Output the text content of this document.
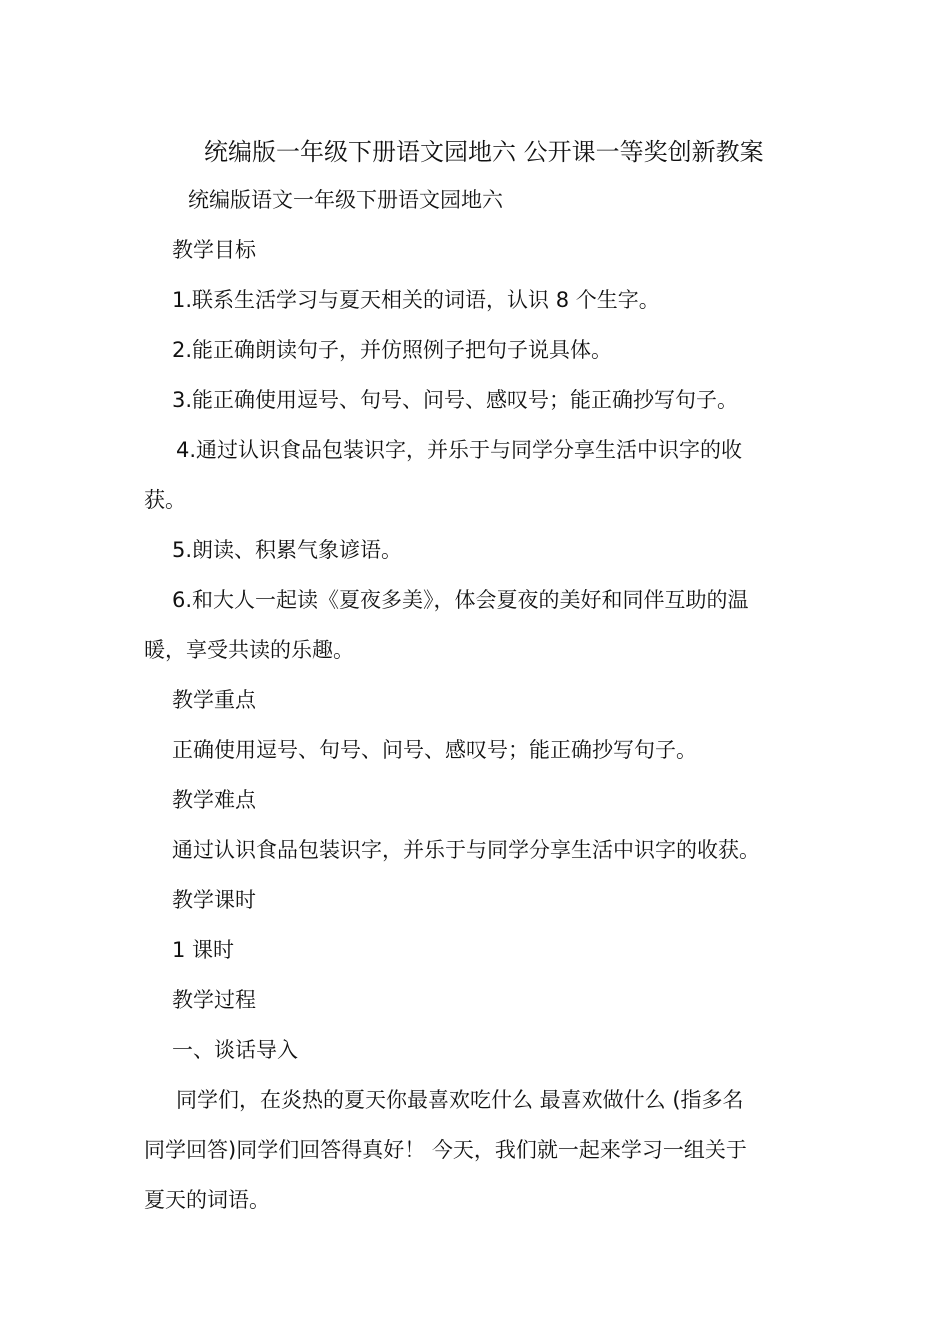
统编版一年级下册语文园地六 公开课一等奖创新教案
统编版语文一年级下册语文园地六
教学目标
1.联系生活学习与夏天相关的词语，认识 8 个生字。
2.能正确朗读句子，并仿照例子把句子说具体。
3.能正确使用逗号、句号、问号、感叹号；能正确抄写句子。
4.通过认识食品包装识字，并乐于与同学分享生活中识字的收
获。
5.朗读、积累气象谚语。
6.和大人一起读《夏夜多美》，体会夏夜的美好和同伴互助的温
暖，享受共读的乐趣。
教学重点
正确使用逗号、句号、问号、感叹号；能正确抄写句子。
教学难点
通过认识食品包装识字，并乐于与同学分享生活中识字的收获。
教学课时
1 课时
教学过程
一、谈话导入
同学们，在炎热的夏天你最喜欢吃什么 最喜欢做什么 (指多名
同学回答)同学们回答得真好！ 今天，我们就一起来学习一组关于
夏天的词语。
